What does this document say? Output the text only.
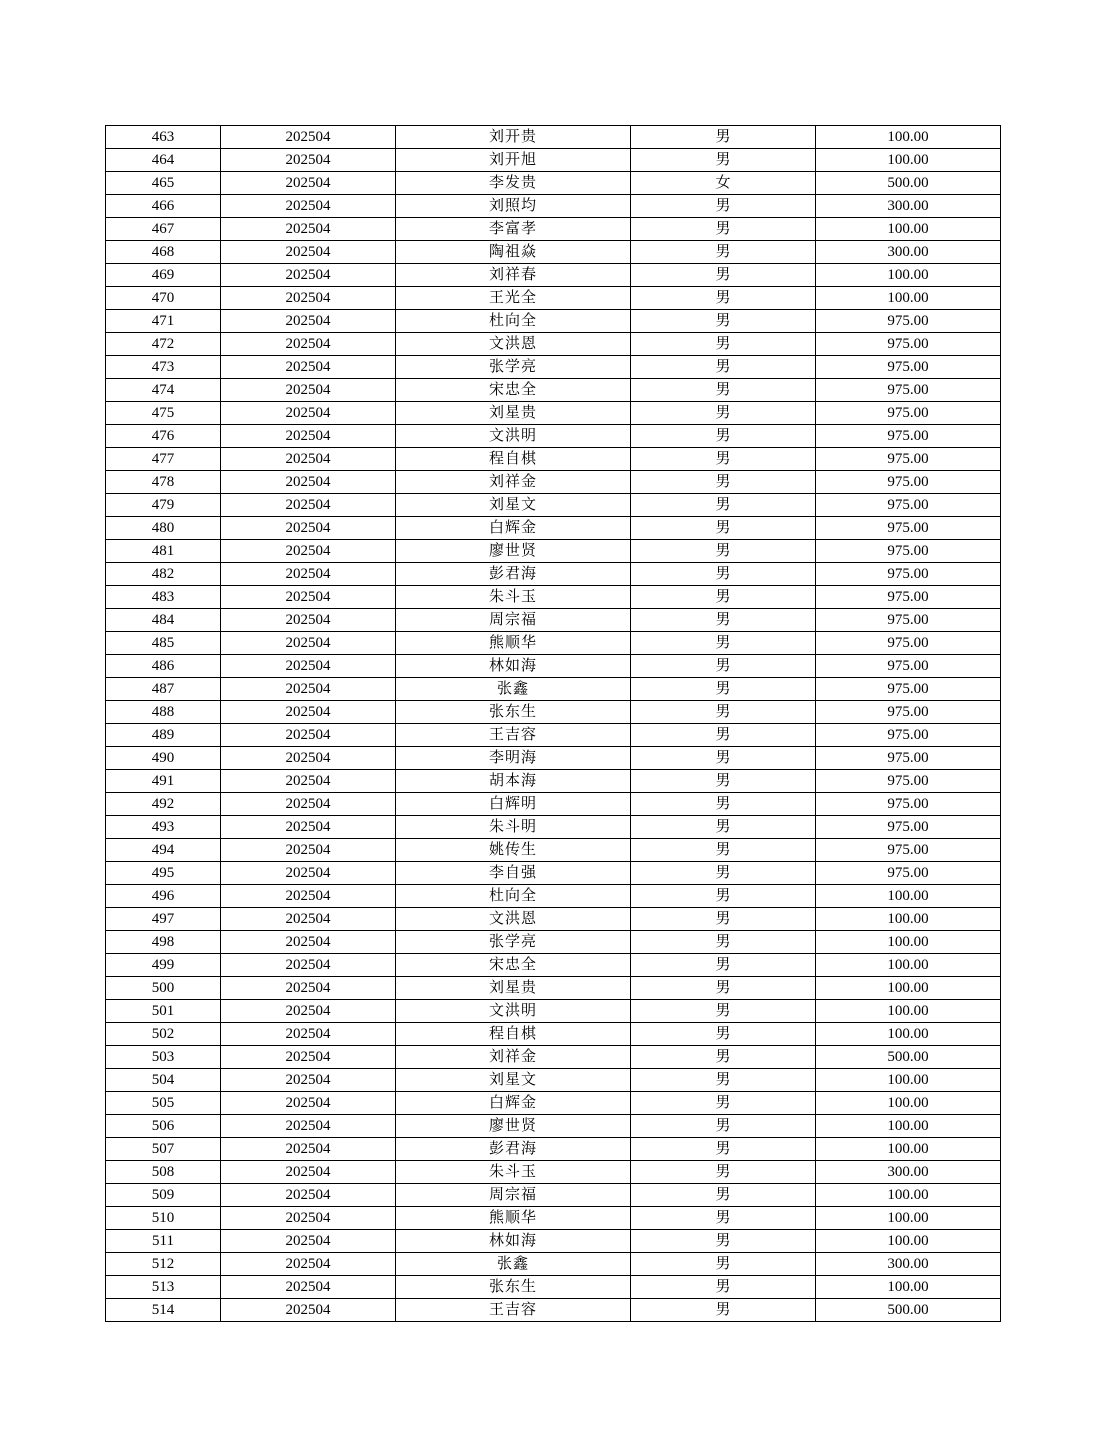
463	202504	刘开贵	男	100.00
464	202504	刘开旭	男	100.00
465	202504	李发贵	女	500.00
466	202504	刘照均	男	300.00
467	202504	李富孝	男	100.00
468	202504	陶祖焱	男	300.00
469	202504	刘祥春	男	100.00
470	202504	王光全	男	100.00
471	202504	杜向全	男	975.00
472	202504	文洪恩	男	975.00
473	202504	张学亮	男	975.00
474	202504	宋忠全	男	975.00
475	202504	刘星贵	男	975.00
476	202504	文洪明	男	975.00
477	202504	程自棋	男	975.00
478	202504	刘祥金	男	975.00
479	202504	刘星文	男	975.00
480	202504	白辉金	男	975.00
481	202504	廖世贤	男	975.00
482	202504	彭君海	男	975.00
483	202504	朱斗玉	男	975.00
484	202504	周宗福	男	975.00
485	202504	熊顺华	男	975.00
486	202504	林如海	男	975.00
487	202504	张鑫	男	975.00
488	202504	张东生	男	975.00
489	202504	王吉容	男	975.00
490	202504	李明海	男	975.00
491	202504	胡本海	男	975.00
492	202504	白辉明	男	975.00
493	202504	朱斗明	男	975.00
494	202504	姚传生	男	975.00
495	202504	李自强	男	975.00
496	202504	杜向全	男	100.00
497	202504	文洪恩	男	100.00
498	202504	张学亮	男	100.00
499	202504	宋忠全	男	100.00
500	202504	刘星贵	男	100.00
501	202504	文洪明	男	100.00
502	202504	程自棋	男	100.00
503	202504	刘祥金	男	500.00
504	202504	刘星文	男	100.00
505	202504	白辉金	男	100.00
506	202504	廖世贤	男	100.00
507	202504	彭君海	男	100.00
508	202504	朱斗玉	男	300.00
509	202504	周宗福	男	100.00
510	202504	熊顺华	男	100.00
511	202504	林如海	男	100.00
512	202504	张鑫	男	300.00
513	202504	张东生	男	100.00
514	202504	王吉容	男	500.00
